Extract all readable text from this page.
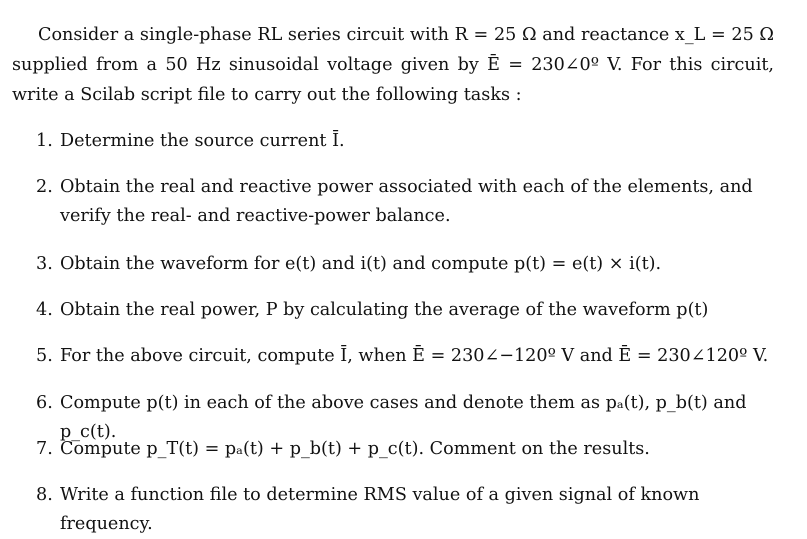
Consider a single-phase RL series circuit with R = 25 Ω and reactance x_L = 25 Ω supplied from a 50 Hz sinusoidal voltage given by Ē = 230∠0º V. For this circuit, write a Scilab script file to carry out the following tasks :

1. Determine the source current Ī.
2. Obtain the real and reactive power associated with each of the elements, and verify the real- and reactive-power balance.
3. Obtain the waveform for e(t) and i(t) and compute p(t) = e(t) × i(t).
4. Obtain the real power, P by calculating the average of the waveform p(t)
5. For the above circuit, compute Ī, when Ē = 230∠−120º V and Ē = 230∠120º V.
6. Compute p(t) in each of the above cases and denote them as pₐ(t), p_b(t) and p_c(t).
7. Compute p_T(t) = pₐ(t) + p_b(t) + p_c(t). Comment on the results.
8. Write a function file to determine RMS value of a given signal of known frequency.
